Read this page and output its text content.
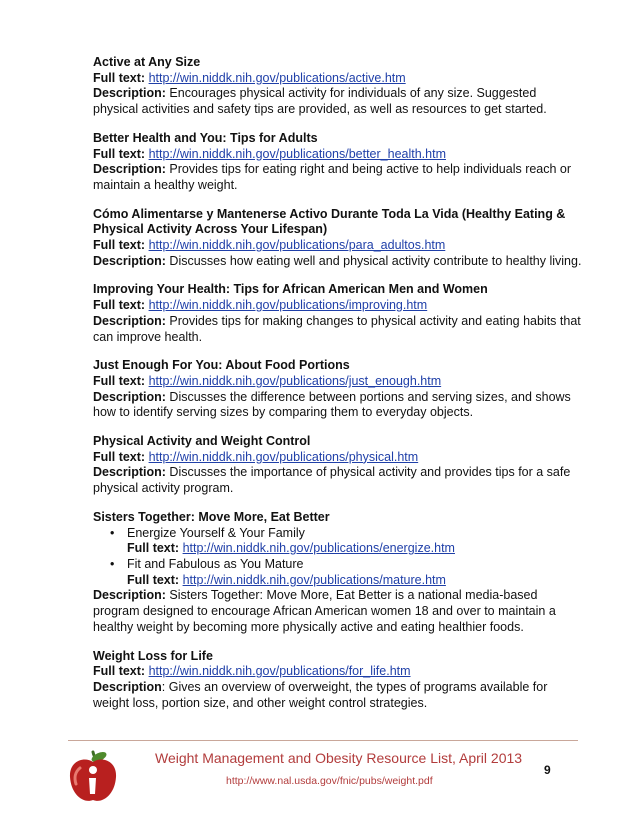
Active at Any Size
Full text: http://win.niddk.nih.gov/publications/active.htm
Description: Encourages physical activity for individuals of any size. Suggested physical activities and safety tips are provided, as well as resources to get started.
Better Health and You: Tips for Adults
Full text: http://win.niddk.nih.gov/publications/better_health.htm
Description: Provides tips for eating right and being active to help individuals reach or maintain a healthy weight.
Cómo Alimentarse y Mantenerse Activo Durante Toda La Vida (Healthy Eating & Physical Activity Across Your Lifespan)
Full text: http://win.niddk.nih.gov/publications/para_adultos.htm
Description: Discusses how eating well and physical activity contribute to healthy living.
Improving Your Health: Tips for African American Men and Women
Full text: http://win.niddk.nih.gov/publications/improving.htm
Description: Provides tips for making changes to physical activity and eating habits that can improve health.
Just Enough For You: About Food Portions
Full text: http://win.niddk.nih.gov/publications/just_enough.htm
Description: Discusses the difference between portions and serving sizes, and shows how to identify serving sizes by comparing them to everyday objects.
Physical Activity and Weight Control
Full text: http://win.niddk.nih.gov/publications/physical.htm
Description: Discusses the importance of physical activity and provides tips for a safe physical activity program.
Sisters Together: Move More, Eat Better
• Energize Yourself & Your Family
Full text: http://win.niddk.nih.gov/publications/energize.htm
• Fit and Fabulous as You Mature
Full text: http://win.niddk.nih.gov/publications/mature.htm
Description: Sisters Together: Move More, Eat Better is a national media-based program designed to encourage African American women 18 and over to maintain a healthy weight by becoming more physically active and eating healthier foods.
Weight Loss for Life
Full text: http://win.niddk.nih.gov/publications/for_life.htm
Description: Gives an overview of overweight, the types of programs available for weight loss, portion size, and other weight control strategies.
Weight Management and Obesity Resource List, April 2013
http://www.nal.usda.gov/fnic/pubs/weight.pdf
9
